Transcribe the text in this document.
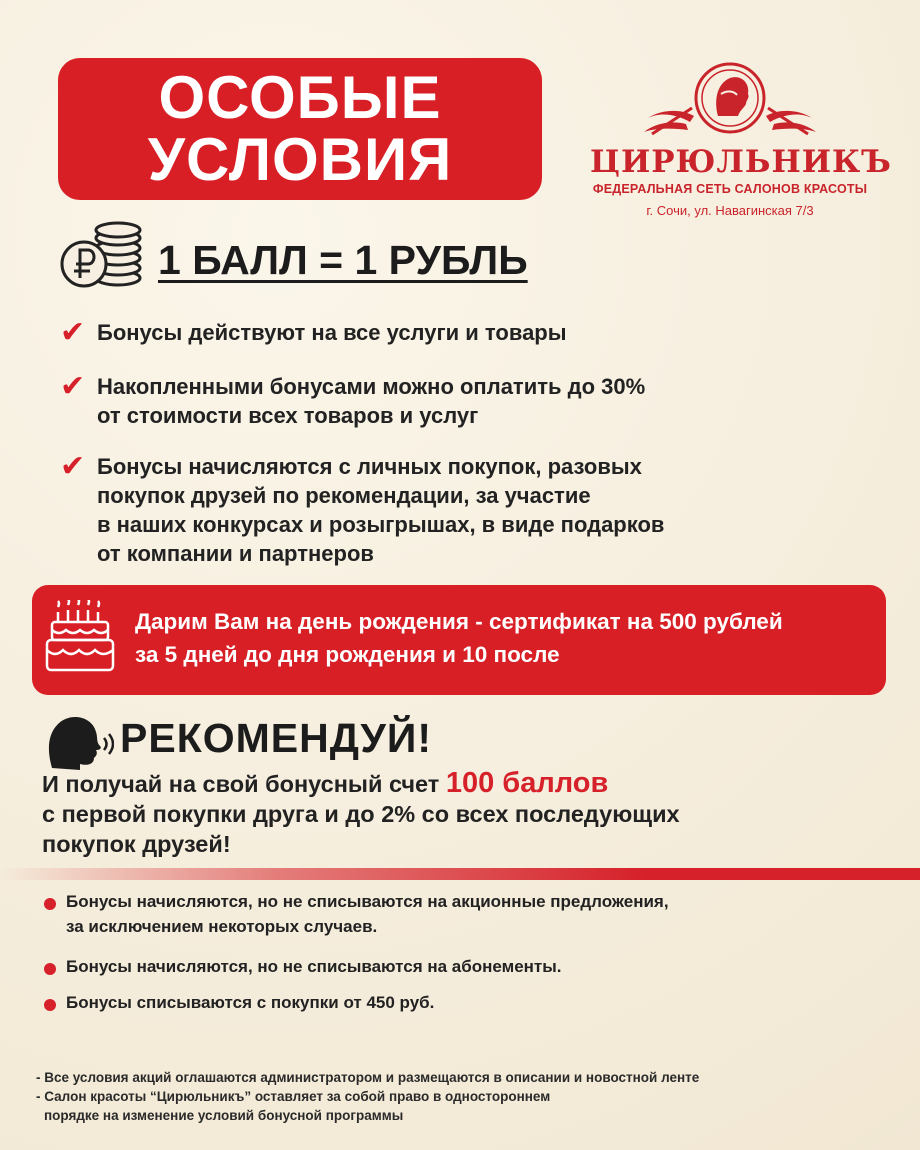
ОСОБЫЕ
УСЛОВИЯ	ЦИРЮЛЬНИКЪ
ФЕДЕРАЛЬНАЯ СЕТЬ САЛОНОВ КРАСОТЫ
г. Сочи, ул. Навагинская 7/3
1 БАЛЛ = 1 РУБЛЬ
✔ Бонусы действуют на все услуги и товары
✔ Накопленными бонусами можно оплатить до 30%
от стоимости всех товаров и услуг
✔ Бонусы начисляются с личных покупок, разовых
покупок друзей по рекомендации, за участие
в наших конкурсах и розыгрышах, в виде подарков
от компании и партнеров
Дарим Вам на день рождения - сертификат на 500 рублей
за 5 дней до дня рождения и 10 после
РЕКОМЕНДУЙ!
И получай на свой бонусный счет 100 баллов
с первой покупки друга и до 2% со всех последующих
покупок друзей!
Бонусы начисляются, но не списываются на акционные предложения,
за исключением некоторых случаев.
Бонусы начисляются, но не списываются на абонементы.
Бонусы списываются с покупки от 450 руб.
- Все условия акций оглашаются администратором и размещаются в описании и новостной ленте
- Салон красоты “Цирюльникъ” оставляет за собой право в одностороннем
порядке на изменение условий бонусной программы
